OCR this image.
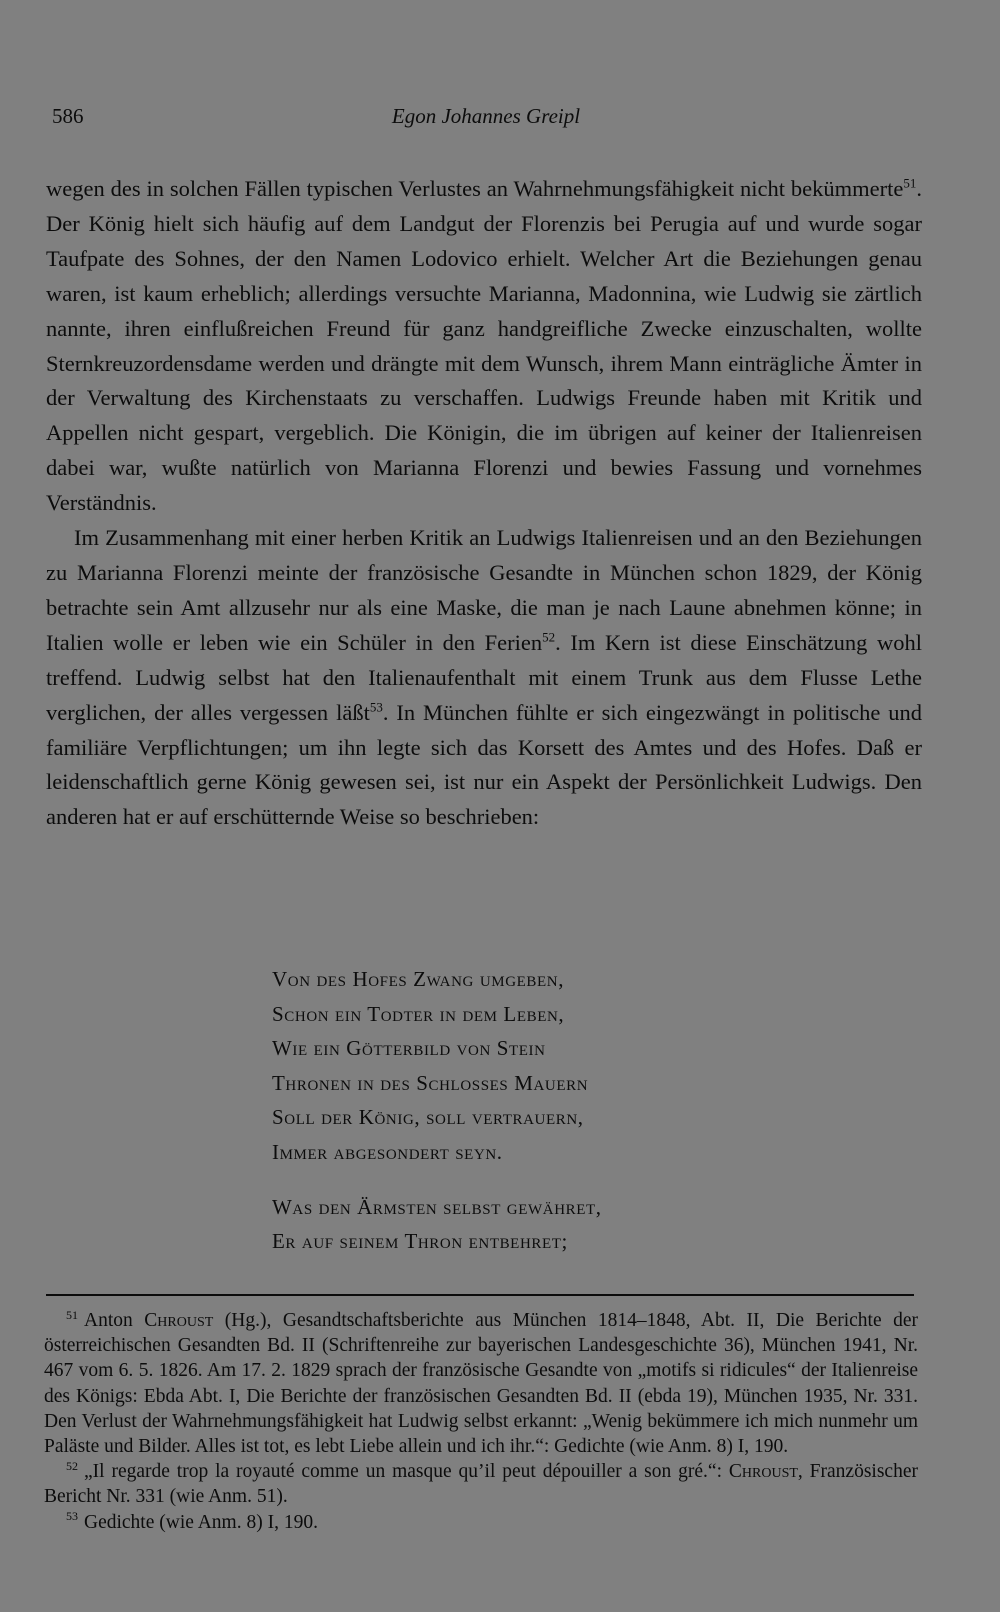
586	Egon Johannes Greipl

wegen des in solchen Fällen typischen Verlustes an Wahrnehmungsfähigkeit nicht bekümmerte$^{51}$. Der König hielt sich häufig auf dem Landgut der Florenzis bei Perugia auf und wurde sogar Taufpate des Sohnes, der den Namen Lodovico erhielt. Welcher Art die Beziehungen genau waren, ist kaum erheblich; allerdings versuchte Marianna, Madonnina, wie Ludwig sie zärtlich nannte, ihren einflußreichen Freund für ganz handgreifliche Zwecke einzuschalten, wollte Sternkreuzordensdame werden und drängte mit dem Wunsch, ihrem Mann einträgliche Ämter in der Verwaltung des Kirchenstaats zu verschaffen. Ludwigs Freunde haben mit Kritik und Appellen nicht gespart, vergeblich. Die Königin, die im übrigen auf keiner der Italienreisen dabei war, wußte natürlich von Marianna Florenzi und bewies Fassung und vornehmes Verständnis.

Im Zusammenhang mit einer herben Kritik an Ludwigs Italienreisen und an den Beziehungen zu Marianna Florenzi meinte der französische Gesandte in München schon 1829, der König betrachte sein Amt allzusehr nur als eine Maske, die man je nach Laune abnehmen könne; in Italien wolle er leben wie ein Schüler in den Ferien$^{52}$. Im Kern ist diese Einschätzung wohl treffend. Ludwig selbst hat den Italienaufenthalt mit einem Trunk aus dem Flusse Lethe verglichen, der alles vergessen läßt$^{53}$. In München fühlte er sich eingezwängt in politische und familiäre Verpflichtungen; um ihn legte sich das Korsett des Amtes und des Hofes. Daß er leidenschaftlich gerne König gewesen sei, ist nur ein Aspekt der Persönlichkeit Ludwigs. Den anderen hat er auf erschütternde Weise so beschrieben:

Von des Hofes Zwang umgeben,
Schon ein Todter in dem Leben,
Wie ein Götterbild von Stein
Thronen in des Schlosses Mauern
Soll der König, soll vertrauern,
Immer abgesondert seyn.
Was den Ärmsten selbst gewähret,
Er auf seinem Thron entbehret;

$^{51}$ Anton Chroust (Hg.), Gesandtschaftsberichte aus München 1814–1848, Abt. II, Die Berichte der österreichischen Gesandten Bd. II (Schriftenreihe zur bayerischen Landesgeschichte 36), München 1941, Nr. 467 vom 6. 5. 1826. Am 17. 2. 1829 sprach der französische Gesandte von „motifs si ridicules“ der Italienreise des Königs: Ebda Abt. I, Die Berichte der französischen Gesandten Bd. II (ebda 19), München 1935, Nr. 331. Den Verlust der Wahrnehmungsfähigkeit hat Ludwig selbst erkannt: „Wenig bekümmere ich mich nunmehr um Paläste und Bilder. Alles ist tot, es lebt Liebe allein und ich ihr.“: Gedichte (wie Anm. 8) I, 190.

$^{52}$ „Il regarde trop la royauté comme un masque qu’il peut dépouiller a son gré.“: Chroust, Französischer Bericht Nr. 331 (wie Anm. 51).

$^{53}$ Gedichte (wie Anm. 8) I, 190.
